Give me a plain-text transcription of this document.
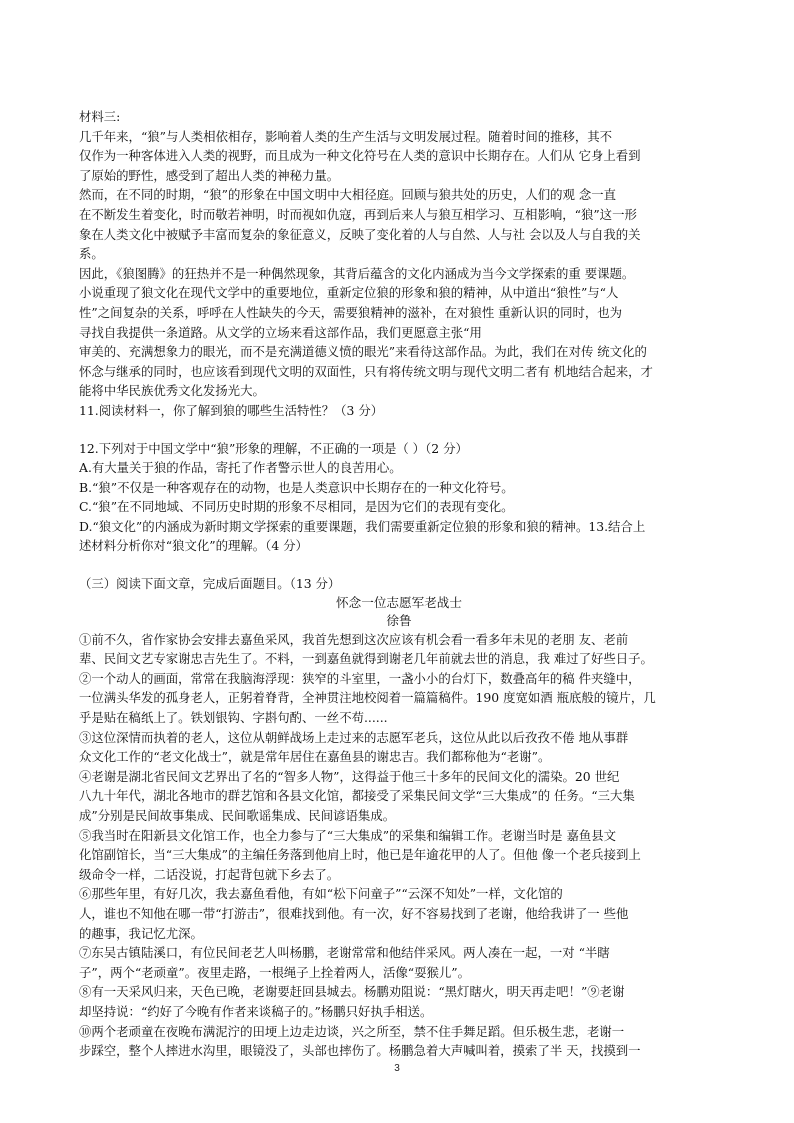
材料三:

几千年来，“狼”与人类相依相存，影响着人类的生产生活与文明发展过程。随着时间的推移，其不

仅作为一种客体进入人类的视野，而且成为一种文化符号在人类的意识中长期存在。人们从 它身上看到

了原始的野性，感受到了超出人类的神秘力量。

然而，在不同的时期，“狼”的形象在中国文明中大相径庭。回顾与狼共处的历史，人们的观 念一直

在不断发生着变化，时而敬若神明，时而视如仇寇，再到后来人与狼互相学习、互相影响，“狼”这一形

象在人类文化中被赋予丰富而复杂的象征意义，反映了变化着的人与自然、人与社 会以及人与自我的关

系。

因此，《狼图腾》的狂热并不是一种偶然现象，其背后蕴含的文化内涵成为当今文学探索的重 要课题。

小说重现了狼文化在现代文学中的重要地位，重新定位狼的形象和狼的精神，从中道出“狼性”与“人

性”之间复杂的关系，呼呼在人性缺失的今天，需要狼精神的滋补，在对狼性 重新认识的同时，也为

寻找自我提供一条道路。从文学的立场来看这部作品，我们更愿意主张“用

审美的、充满想象力的眼光，而不是充满道德义愤的眼光”来看待这部作品。为此，我们在对传 统文化的

怀念与继承的同时，也应该看到现代文明的双面性，只有将传统文明与现代文明二者有 机地结合起来，才

能将中华民族优秀文化发扬光大。

11.阅读材料一，你了解到狼的哪些生活特性？（3 分）

12.下列对于中国文学中“狼”形象的理解，不正确的一项是（ ）（2 分）

A.有大量关于狼的作品，寄托了作者警示世人的良苦用心。

B.“狼”不仅是一种客观存在的动物，也是人类意识中长期存在的一种文化符号。

C.“狼”在不同地域、不同历史时期的形象不尽相同，是因为它们的表现有变化。

D.“狼文化”的内涵成为新时期文学探索的重要课题，我们需要重新定位狼的形象和狼的精神。13.结合上

述材料分析你对“狼文化”的理解。（4 分）

（三）阅读下面文章，完成后面题目。（13 分）

怀念一位志愿军老战士

徐鲁

①前不久，省作家协会安排去嘉鱼采风，我首先想到这次应该有机会看一看多年未见的老朋 友、老前

辈、民间文艺专家谢忠吉先生了。不料，一到嘉鱼就得到谢老几年前就去世的消息，我 难过了好些日子。

②一个动人的画面，常常在我脑海浮现：狭窄的斗室里，一盏小小的台灯下，数叠高年的稿 件夹缝中，

一位满头华发的孤身老人，正躬着脊背，全神贯注地校阅着一篇篇稿件。190 度宽如酒 瓶底般的镜片，几

乎是贴在稿纸上了。铁划银钩、字斟句酌、一丝不苟......

③这位深情而执着的老人，这位从朝鲜战场上走过来的志愿军老兵，这位从此以后孜孜不倦 地从事群

众文化工作的“老文化战士”，就是常年居住在嘉鱼县的谢忠吉。我们都称他为“老谢”。

④老谢是湖北省民间文艺界出了名的“智多人物”，这得益于他三十多年的民间文化的濡染。20 世纪

八九十年代，湖北各地市的群艺馆和各县文化馆，都接受了采集民间文学“三大集成”的 任务。“三大集

成”分别是民间故事集成、民间歌谣集成、民间谚语集成。

⑤我当时在阳新县文化馆工作，也全力参与了“三大集成”的采集和编辑工作。老谢当时是 嘉鱼县文

化馆副馆长，当“三大集成”的主编任务落到他肩上时，他已是年逾花甲的人了。但他 像一个老兵接到上

级命令一样，二话没说，打起背包就下乡去了。

⑥那些年里，有好几次，我去嘉鱼看他，有如“松下问童子”“云深不知处”一样，文化馆的

人，谁也不知他在哪一带“打游击”，很难找到他。有一次，好不容易找到了老谢，他给我讲了一 些他

的趣事，我记忆尤深。

⑦东吴古镇陆溪口，有位民间老艺人叫杨鹏，老谢常常和他结伴采风。两人凑在一起，一对 “半瞎

子”，两个“老顽童”。夜里走路，一根绳子上拴着两人，活像“耍猴儿”。

⑧有一天采风归来，天色已晚，老谢要赶回县城去。杨鹏劝阻说：“黑灯瞎火，明天再走吧！”⑨老谢

却坚持说：“约好了今晚有作者来谈稿子的。”杨鹏只好执手相送。

⑩两个老顽童在夜晚布满泥泞的田埂上边走边谈，兴之所至，禁不住手舞足蹈。但乐极生悲，老谢一

步踩空，整个人摔进水沟里，眼镜没了，头部也摔伤了。杨鹏急着大声喊叫着，摸索了半 天，找摸到一

3
